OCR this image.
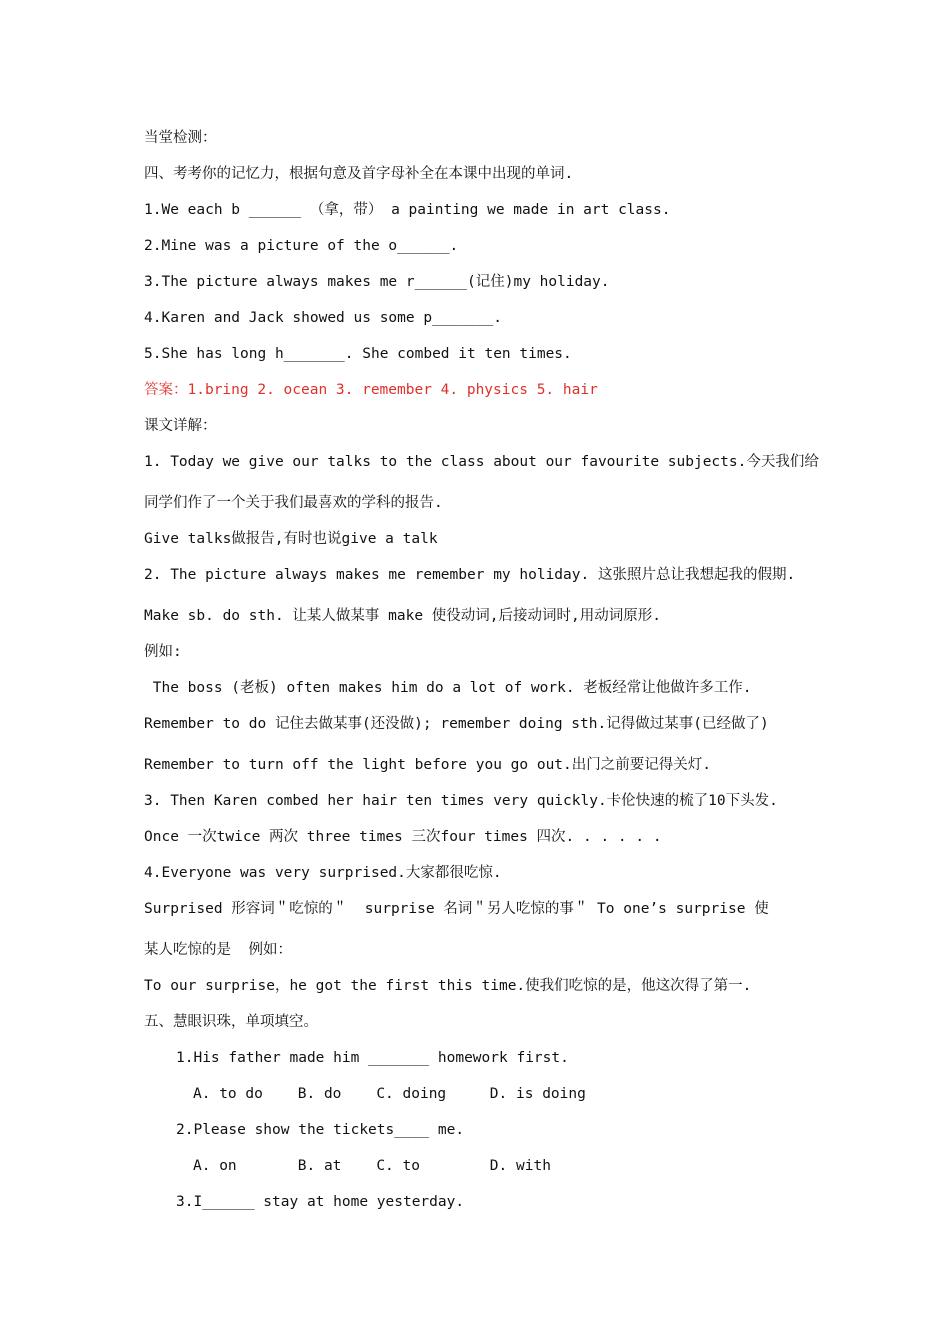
当堂检测：
四、考考你的记忆力，根据句意及首字母补全在本课中出现的单词.
1.We each b ______ （拿，带） a painting we made in art class.
2.Mine was a picture of the o______.
3.The picture always makes me r______(记住)my holiday.
4.Karen and Jack showed us some p_______.
5.She has long h_______. She combed it ten times.
答案：1.bring 2. ocean 3. remember 4. physics 5. hair
课文详解：
1. Today we give our talks to the class about our favourite subjects.今天我们给
同学们作了一个关于我们最喜欢的学科的报告.
Give talks做报告,有时也说give a talk
2. The picture always makes me remember my holiday. 这张照片总让我想起我的假期.
Make sb. do sth. 让某人做某事 make 使役动词,后接动词时,用动词原形.
例如:
The boss (老板) often makes him do a lot of work. 老板经常让他做许多工作.
Remember to do 记住去做某事(还没做); remember doing sth.记得做过某事(已经做了)
Remember to turn off the light before you go out.出门之前要记得关灯.
3. Then Karen combed her hair ten times very quickly.卡伦快速的梳了10下头发.
Once 一次twice 两次 three times 三次four times 四次. . . . . .
4.Everyone was very surprised.大家都很吃惊.
Surprised 形容词＂吃惊的＂  surprise 名词＂另人吃惊的事＂ To one’s surprise 使
某人吃惊的是  例如：
To our surprise，he got the first this time.使我们吃惊的是，他这次得了第一.
五、慧眼识珠，单项填空。
1.His father made him _______ homework first.
A. to do    B. do    C. doing     D. is doing
2.Please show the tickets____ me.
A. on       B. at    C. to        D. with
3.I______ stay at home yesterday.
